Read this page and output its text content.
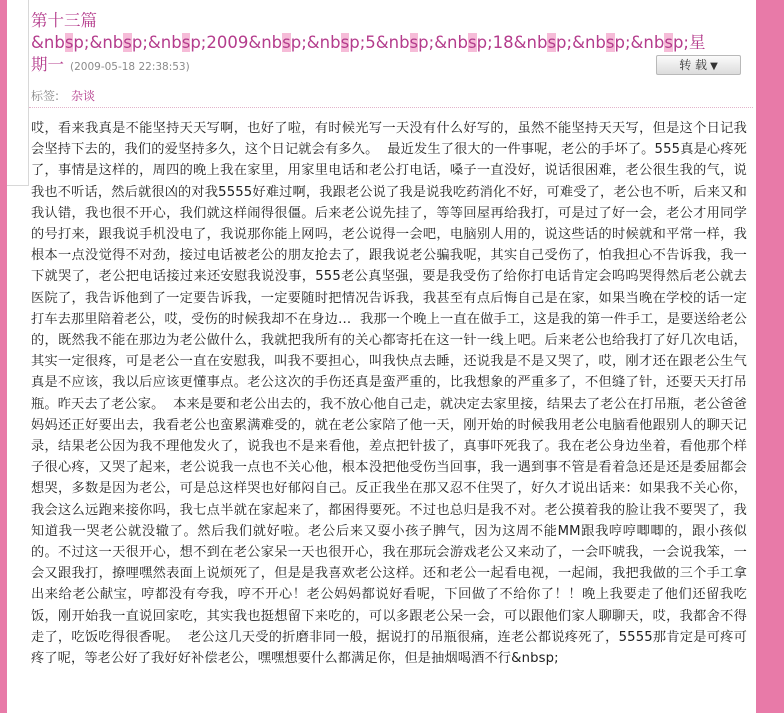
第十三篇
&nbsp;&nbsp;&nbsp;2009&nbsp;&nbsp;5&nbsp;&nbsp;18&nbsp;&nbsp;&nbsp;星期一 (2009-05-18 22:38:53)	转 载 ▼
标签: 杂谈
哎，看来我真是不能坚持天天写啊，也好了啦，有时候光写一天没有什么好写的，虽然不能坚持天天写，但是这个日记我会坚持下去的，我们的爱坚持多久，这个日记就会有多久。  最近发生了很大的一件事呢，老公的手坏了。555真是心疼死了，事情是这样的，周四的晚上我在家里，用家里电话和老公打电话，嗓子一直没好，说话很困难，老公很生我的气，说我也不听话，然后就很凶的对我5555好难过啊，我跟老公说了我是说我吃药消化不好，可难受了，老公也不听，后来又和我认错，我也很不开心，我们就这样闹得很僵。后来老公说先挂了，等等回屋再给我打，可是过了好一会，老公才用同学的号打来，跟我说手机没电了，我说那你能上网吗，老公说得一会吧，电脑别人用的，说这些话的时候就和平常一样，我根本一点没觉得不对劲，接过电话被老公的朋友抢去了，跟我说老公骗我呢，其实自己受伤了，怕我担心不告诉我，我一下就哭了，老公把电话接过来还安慰我说没事，555老公真坚强，要是我受伤了给你打电话肯定会呜呜哭得然后老公就去医院了，我告诉他到了一定要告诉我，一定要随时把情况告诉我，我甚至有点后悔自己是在家，如果当晚在学校的话一定打车去那里陪着老公，哎，受伤的时候我却不在身边…  我那一个晚上一直在做手工，这是我的第一件手工，是要送给老公的，既然我不能在那边为老公做什么，我就把我所有的关心都寄托在这一针一线上吧。后来老公也给我打了好几次电话，其实一定很疼，可是老公一直在安慰我，叫我不要担心，叫我快点去睡，还说我是不是又哭了，哎，刚才还在跟老公生气真是不应该，我以后应该更懂事点。老公这次的手伤还真是蛮严重的，比我想象的严重多了，不但缝了针，还要天天打吊瓶。昨天去了老公家。  本来是要和老公出去的，我不放心他自己走，就决定去家里接，结果去了老公在打吊瓶，老公爸爸妈妈还正好要出去，我看老公也蛮累满难受的，就在老公家陪了他一天，刚开始的时候我用老公电脑看他跟别人的聊天记录，结果老公因为我不理他发火了，说我也不是来看他，差点把针拔了，真事吓死我了。我在老公身边坐着，看他那个样子很心疼，又哭了起来，老公说我一点也不关心他，根本没把他受伤当回事，我一遇到事不管是看着急还是还是委屈都会想哭，多数是因为老公，可是总这样哭也好郁闷自己。反正我坐在那又忍不住哭了，好久才说出话来：如果我不关心你，我会这么远跑来接你吗，我七点半就在家起来了，都困得要死。不过也总归是我不对。老公摸着我的脸让我不要哭了，我知道我一哭老公就没辙了。然后我们就好啦。老公后来又耍小孩子脾气，因为这周不能MM跟我哼哼唧唧的，跟小孩似的。不过这一天很开心，想不到在老公家呆一天也很开心，我在那玩会游戏老公又来动了，一会吓唬我，一会说我笨，一会又跟我打，撩哩嘿然表面上说烦死了，但是是我喜欢老公这样。还和老公一起看电视，一起闹，我把我做的三个手工拿出来给老公献宝，哼都没有夸我，哼不开心！老公妈妈都说好看呢，下回做了不给你了！！晚上我要走了他们还留我吃饭，刚开始我一直说回家吃，其实我也挺想留下来吃的，可以多跟老公呆一会，可以跟他们家人聊聊天，哎，我都舍不得走了，吃饭吃得很香呢。  老公这几天受的折磨非同一般，据说打的吊瓶很痛，连老公都说疼死了，5555那肯定是可疼可疼了呢，等老公好了我好好补偿老公，嘿嘿想要什么都满足你，但是抽烟喝酒不行&nbsp;
